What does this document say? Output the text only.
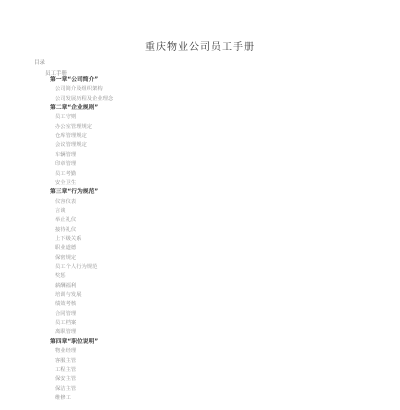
重庆物业公司员工手册
目录
员工手册
第一章“公司简介”
公司简介及组织架构
公司发展历程及企业理念
第二章“企业规则”
员工守则
办公室管理规定
仓库管理规定
会议管理规定
车辆管理
印章管理
员工考勤
安全卫生
第三章“行为规范”
仪容仪表
言谈
举止礼仪
接待礼仪
上下级关系
职业道德
保密规定
员工个人行为规范
奖惩
薪酬福利
培训与发展
绩效考核
合同管理
员工档案
离职管理
第四章“职位说明”
物业经理
客服主管
工程主管
保安主管
保洁主管
维修工
